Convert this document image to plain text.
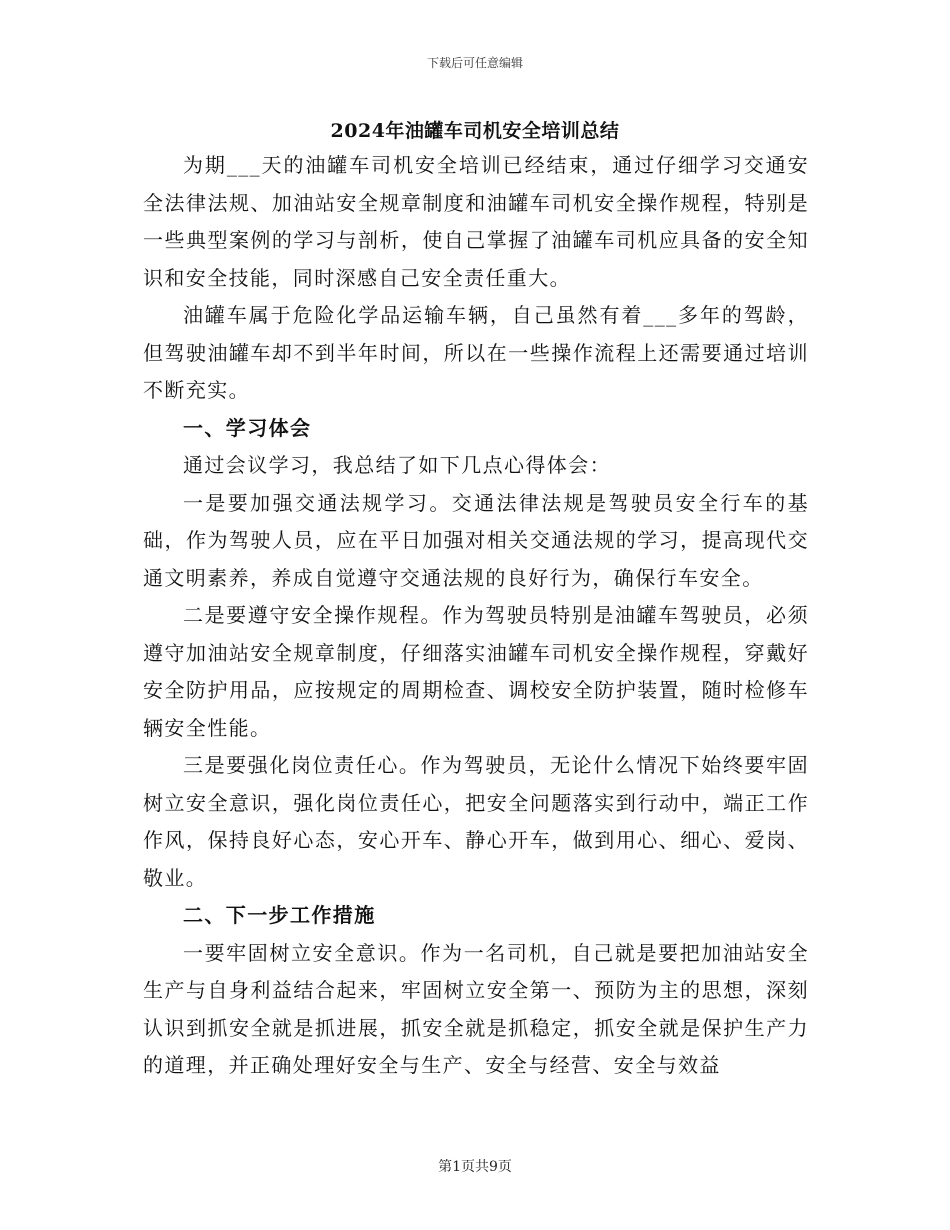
下载后可任意编辑
2024年油罐车司机安全培训总结

为期___天的油罐车司机安全培训已经结束，通过仔细学习交通安全法律法规、加油站安全规章制度和油罐车司机安全操作规程，特别是一些典型案例的学习与剖析，使自己掌握了油罐车司机应具备的安全知识和安全技能，同时深感自己安全责任重大。

油罐车属于危险化学品运输车辆，自己虽然有着___多年的驾龄，但驾驶油罐车却不到半年时间，所以在一些操作流程上还需要通过培训不断充实。

一、学习体会

通过会议学习，我总结了如下几点心得体会：

一是要加强交通法规学习。交通法律法规是驾驶员安全行车的基础，作为驾驶人员，应在平日加强对相关交通法规的学习，提高现代交通文明素养，养成自觉遵守交通法规的良好行为，确保行车安全。

二是要遵守安全操作规程。作为驾驶员特别是油罐车驾驶员，必须遵守加油站安全规章制度，仔细落实油罐车司机安全操作规程，穿戴好安全防护用品，应按规定的周期检查、调校安全防护装置，随时检修车辆安全性能。

三是要强化岗位责任心。作为驾驶员，无论什么情况下始终要牢固树立安全意识，强化岗位责任心，把安全问题落实到行动中，端正工作作风，保持良好心态，安心开车、静心开车，做到用心、细心、爱岗、敬业。

二、下一步工作措施

一要牢固树立安全意识。作为一名司机，自己就是要把加油站安全生产与自身利益结合起来，牢固树立安全第一、预防为主的思想，深刻认识到抓安全就是抓进展，抓安全就是抓稳定，抓安全就是保护生产力的道理，并正确处理好安全与生产、安全与经营、安全与效益

第1页共9页
